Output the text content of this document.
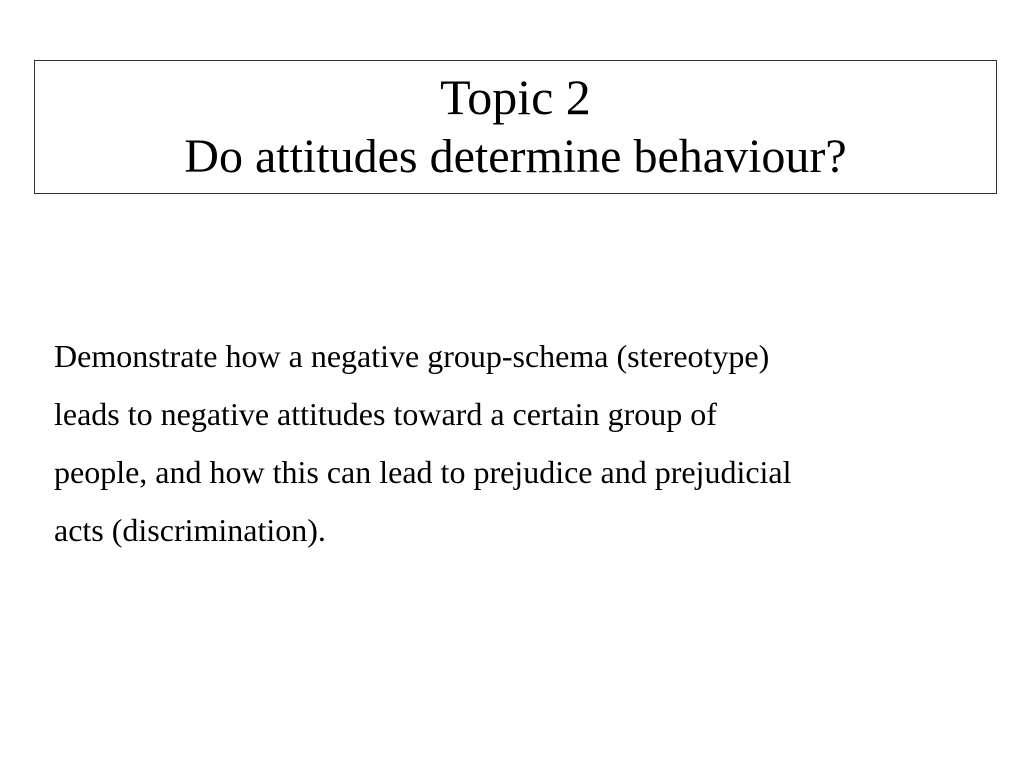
Topic 2
Do attitudes determine behaviour?

Demonstrate how a negative group-schema (stereotype)
leads to negative attitudes toward a certain group of
people, and how this can lead to prejudice and prejudicial
acts (discrimination).
